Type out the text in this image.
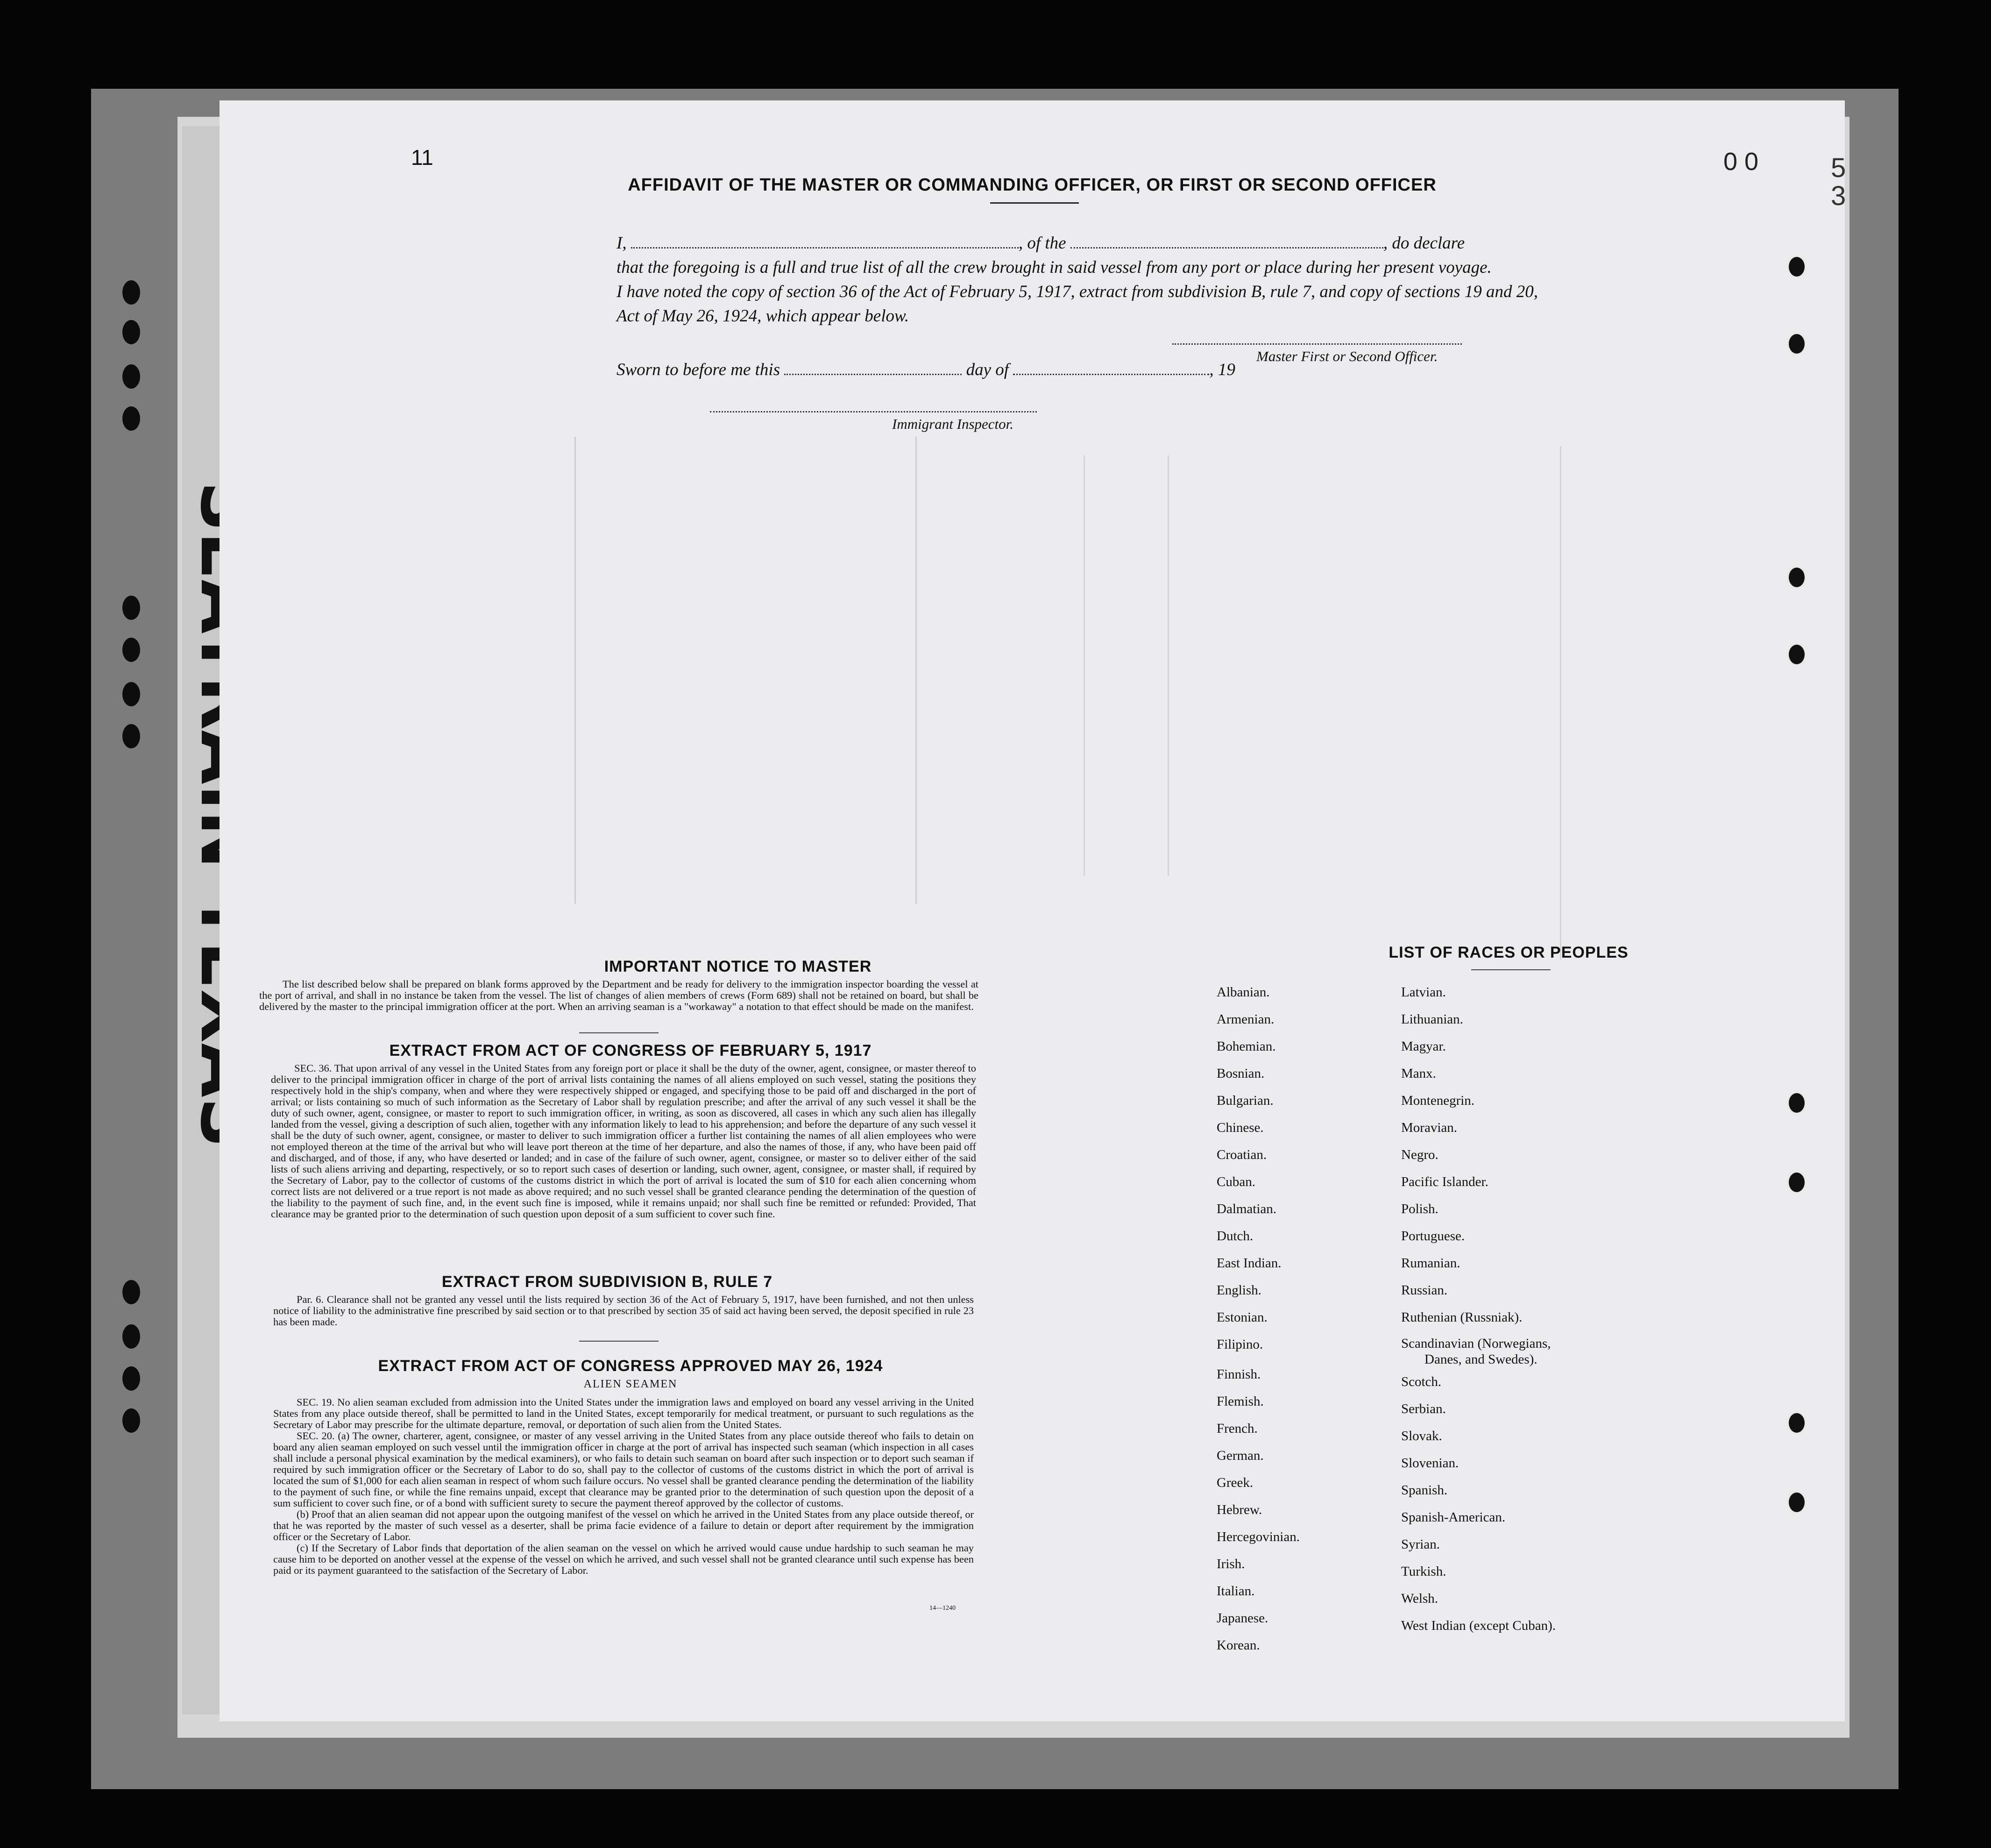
11
AFFIDAVIT OF THE MASTER OR COMMANDING OFFICER, OR FIRST OR SECOND OFFICER
I,	, of the	, do declare
that the foregoing is a full and true list of all the crew brought in said vessel from any port or place during her present voyage.
I have noted the copy of section 36 of the Act of February 5, 1917, extract from subdivision B, rule 7, and copy of sections 19 and 20,
Act of May 26, 1924, which appear below.
Master First or Second Officer.
Sworn to before me this	day of	, 19
Immigrant Inspector.
IMPORTANT NOTICE TO MASTER

The list described below shall be prepared on blank forms approved by the Department and be ready for delivery to the immigration inspector boarding the vessel at the port of arrival, and shall in no instance be taken from the vessel. The list of changes of alien members of crews (Form 689) shall not be retained on board, but shall be delivered by the master to the principal immigration officer at the port. When an arriving seaman is a "workaway" a notation to that effect should be made on the manifest.

EXTRACT FROM ACT OF CONGRESS OF FEBRUARY 5, 1917

SEC. 36. That upon arrival of any vessel in the United States from any foreign port or place it shall be the duty of the owner, agent, consignee, or master thereof to deliver to the principal immigration officer in charge of the port of arrival lists containing the names of all aliens employed on such vessel, stating the positions they respectively hold in the ship's company, when and where they were respectively shipped or engaged, and specifying those to be paid off and discharged in the port of arrival; or lists containing so much of such information as the Secretary of Labor shall by regulation prescribe; and after the arrival of any such vessel it shall be the duty of such owner, agent, consignee, or master to report to such immigration officer, in writing, as soon as discovered, all cases in which any such alien has illegally landed from the vessel, giving a description of such alien, together with any information likely to lead to his apprehension; and before the departure of any such vessel it shall be the duty of such owner, agent, consignee, or master to deliver to such immigration officer a further list containing the names of all alien employees who were not employed thereon at the time of the arrival but who will leave port thereon at the time of her departure, and also the names of those, if any, who have been paid off and discharged, and of those, if any, who have deserted or landed; and in case of the failure of such owner, agent, consignee, or master so to deliver either of the said lists of such aliens arriving and departing, respectively, or so to report such cases of desertion or landing, such owner, agent, consignee, or master shall, if required by the Secretary of Labor, pay to the collector of customs of the customs district in which the port of arrival is located the sum of $10 for each alien concerning whom correct lists are not delivered or a true report is not made as above required; and no such vessel shall be granted clearance pending the determination of the question of the liability to the payment of such fine, and, in the event such fine is imposed, while it remains unpaid; nor shall such fine be remitted or refunded: Provided, That clearance may be granted prior to the determination of such question upon deposit of a sum sufficient to cover such fine.

EXTRACT FROM SUBDIVISION B, RULE 7

Par. 6. Clearance shall not be granted any vessel until the lists required by section 36 of the Act of February 5, 1917, have been furnished, and not then unless notice of liability to the administrative fine prescribed by said section or to that prescribed by section 35 of said act having been served, the deposit specified in rule 23 has been made.

EXTRACT FROM ACT OF CONGRESS APPROVED MAY 26, 1924
ALIEN SEAMEN

SEC. 19. No alien seaman excluded from admission into the United States under the immigration laws and employed on board any vessel arriving in the United States from any place outside thereof, shall be permitted to land in the United States, except temporarily for medical treatment, or pursuant to such regulations as the Secretary of Labor may prescribe for the ultimate departure, removal, or deportation of such alien from the United States.

SEC. 20. (a) The owner, charterer, agent, consignee, or master of any vessel arriving in the United States from any place outside thereof who fails to detain on board any alien seaman employed on such vessel until the immigration officer in charge at the port of arrival has inspected such seaman (which inspection in all cases shall include a personal physical examination by the medical examiners), or who fails to detain such seaman on board after such inspection or to deport such seaman if required by such immigration officer or the Secretary of Labor to do so, shall pay to the collector of customs of the customs district in which the port of arrival is located the sum of $1,000 for each alien seaman in respect of whom such failure occurs. No vessel shall be granted clearance pending the determination of the liability to the payment of such fine, or while the fine remains unpaid, except that clearance may be granted prior to the determination of such question upon the deposit of a sum sufficient to cover such fine, or of a bond with sufficient surety to secure the payment thereof approved by the collector of customs.

(b) Proof that an alien seaman did not appear upon the outgoing manifest of the vessel on which he arrived in the United States from any place outside thereof, or that he was reported by the master of such vessel as a deserter, shall be prima facie evidence of a failure to detain or deport after requirement by the immigration officer or the Secretary of Labor.

(c) If the Secretary of Labor finds that deportation of the alien seaman on the vessel on which he arrived would cause undue hardship to such seaman he may cause him to be deported on another vessel at the expense of the vessel on which he arrived, and such vessel shall not be granted clearance until such expense has been paid or its payment guaranteed to the satisfaction of the Secretary of Labor.

14—1240
LIST OF RACES OR PEOPLES
Albanian.
Armenian.
Bohemian.
Bosnian.
Bulgarian.
Chinese.
Croatian.
Cuban.
Dalmatian.
Dutch.
East Indian.
English.
Estonian.
Filipino.
Finnish.
Flemish.
French.
German.
Greek.
Hebrew.
Hercegovinian.
Irish.
Italian.
Japanese.
Korean.
Latvian.
Lithuanian.
Magyar.
Manx.
Montenegrin.
Moravian.
Negro.
Pacific Islander.
Polish.
Portuguese.
Rumanian.
Russian.
Ruthenian (Russniak).
Scandinavian (Norwegians,
Danes, and Swedes).
Scotch.
Serbian.
Slovak.
Slovenian.
Spanish.
Spanish-American.
Syrian.
Turkish.
Welsh.
West Indian (except Cuban).
0 0	5 3
